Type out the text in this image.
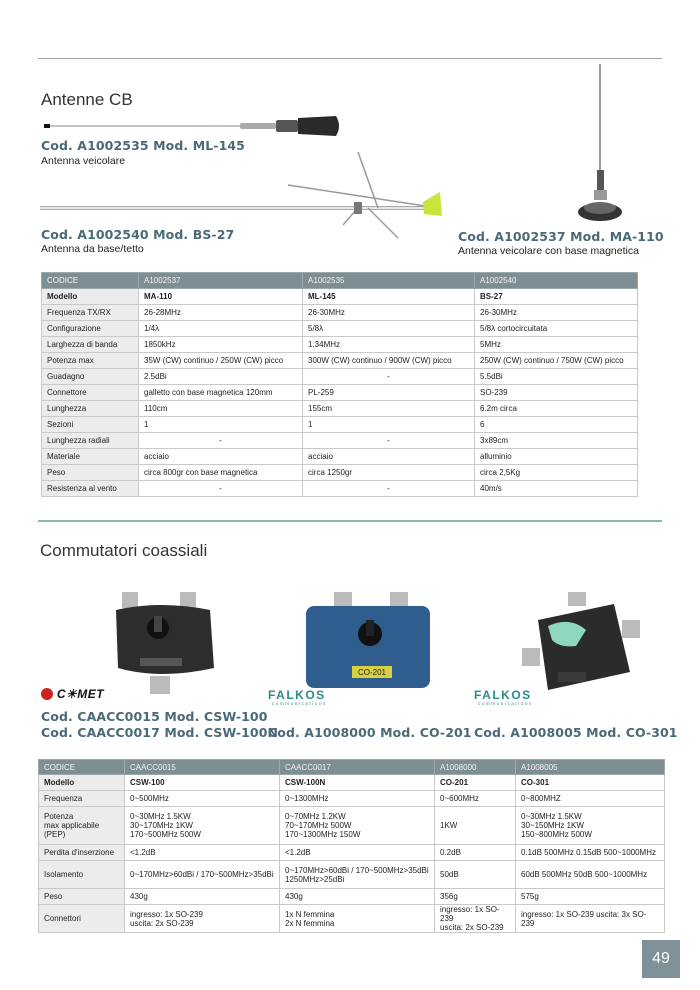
Antenne CB
Cod. A1002535 Mod. ML-145
Antenna veicolare
Cod. A1002540 Mod. BS-27
Antenna da base/tetto
Cod. A1002537 Mod. MA-110
Antenna veicolare con base magnetica
CODICE	A1002537	A1002535	A1002540
Modello	MA-110	ML-145	BS-27
Frequenza TX/RX	26-28MHz	26-30MHz	26-30MHz
Configurazione	1/4λ	5/8λ	5/8λ cortocircuitata
Larghezza di banda	1850kHz	1.34MHz	5MHz
Potenza max	35W (CW) continuo / 250W (CW) picco	300W (CW) continuo / 900W (CW) picco	250W (CW) continuo / 750W (CW) picco
Guadagno	2.5dBi	-	5.5dBi
Connettore	galletto con base magnetica 120mm	PL-259	SO-239
Lunghezza	110cm	155cm	6.2m circa
Sezioni	1	1	6
Lunghezza radiali	-	-	3x89cm
Materiale	acciaio	acciaio	alluminio
Peso	circa 800gr con base magnetica	circa 1250gr	circa 2,5Kg
Resistenza al vento	-	-	40m/s
Commutatori coassiali
CO-201
C☀MET	FALKOS
communications
FALKOS
communications
Cod. CAACC0015 Mod. CSW-100
Cod. CAACC0017 Mod. CSW-100N
Cod. A1008000 Mod. CO-201 Cod. A1008005 Mod. CO-301
CODICE	CAACC0015	CAACC0017	A1008000	A1008005
Modello	CSW-100	CSW-100N	CO-201	CO-301
Frequenza	0~500MHz	0~1300MHz	0~600MHz	0~800MHZ
Potenza
max applicabile
(PEP)	0~30MHz 1.5KW
30~170MHz 1KW
170~500MHz 500W	0~70MHz 1.2KW
70~170MHz 500W
170~1300MHz 150W	1KW	0~30MHz 1.5KW
30~150MHz 1KW
150~800MHz 500W
Perdita d'inserzione	<1.2dB	<1.2dB	0.2dB	0.1dB 500MHz 0.15dB 500~1000MHz
Isolamento	0~170MHz>60dBi / 170~500MHz>35dBi	0~170MHz>60dBi / 170~500MHz>35dBi
1250MHz>25dBi	50dB	60dB 500MHz 50dB 500~1000MHz
Peso	430g	430g	356g	575g
Connettori	ingresso: 1x SO-239
uscita: 2x SO-239	1x N femmina
2x N femmina	ingresso: 1x SO-239
uscita: 2x SO-239	ingresso: 1x SO-239 uscita: 3x SO-239
49
